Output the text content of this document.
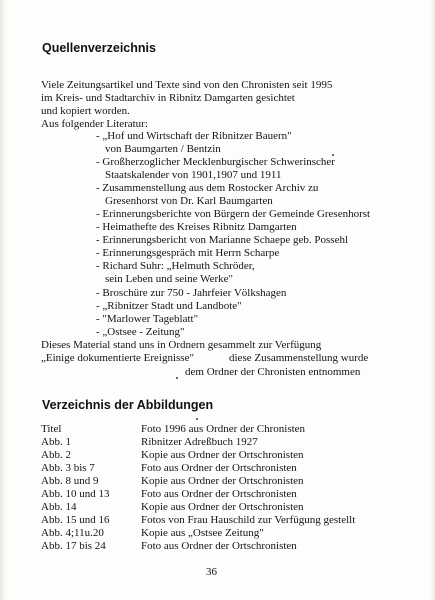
Quellenverzeichnis
Viele Zeitungsartikel und Texte sind von den Chronisten seit 1995
im Kreis- und Stadtarchiv in Ribnitz Damgarten gesichtet
und kopiert worden.
Aus folgender Literatur:
- „Hof und Wirtschaft der Ribnitzer Bauern"
von Baumgarten / Bentzin
- Großherzoglicher Mecklenburgischer Schwerinscher
Staatskalender von 1901,1907 und 1911
- Zusammenstellung aus dem Rostocker Archiv zu
Gresenhorst von Dr. Karl Baumgarten
- Erinnerungsberichte von Bürgern der Gemeinde Gresenhorst
- Heimathefte des Kreises Ribnitz Damgarten
- Erinnerungsbericht von Marianne Schaepe geb. Possehl
- Erinnerungsgespräch mit Herrn Scharpe
- Richard Suhr: „Helmuth Schröder,
sein Leben und seine Werke"
- Broschüre zur 750 - Jahrfeier Völkshagen
- „Ribnitzer Stadt und Landbote"
- "Marlower Tageblatt"
- „Ostsee - Zeitung"
Dieses Material stand uns in Ordnern gesammelt zur Verfügung
„Einige dokumentierte Ereignisse"	diese Zusammenstellung wurde
dem Ordner der Chronisten entnommen
Verzeichnis der Abbildungen
Titel	Foto 1996 aus Ordner der Chronisten
Abb. 1	Ribnitzer Adreßbuch 1927
Abb. 2	Kopie aus Ordner der Ortschronisten
Abb. 3 bis 7	Foto aus Ordner der Ortschronisten
Abb. 8 und 9	Kopie aus Ordner der Ortschronisten
Abb. 10 und 13	Foto aus Ordner der Ortschronisten
Abb. 14	Kopie aus Ordner der Ortschronisten
Abb. 15 und 16	Fotos von Frau Hauschild zur Verfügung gestellt
Abb. 4;11u.20	Kopie aus „Ostsee Zeitung"
Abb. 17 bis 24	Foto aus Ordner der Ortschronisten
36
